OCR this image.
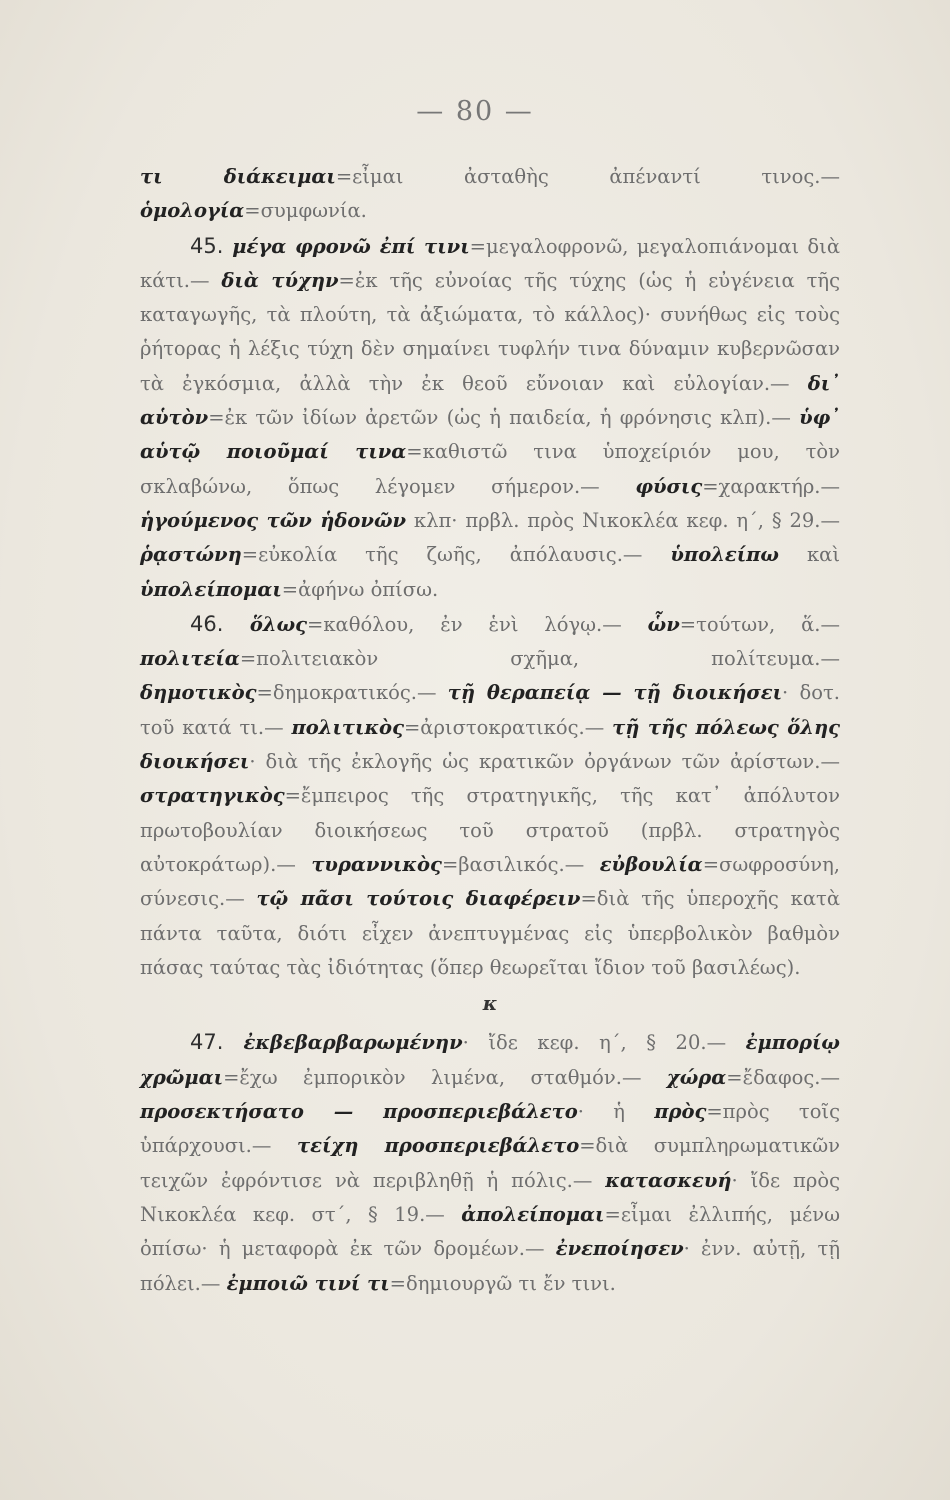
— 80 —

τι διάκειμαι=εἶμαι ἀσταθὴς ἀπέναντί τινος.— ὁμολογία=συμφωνία.

45. μέγα φρονῶ ἐπί τινι=μεγαλοφρονῶ, μεγαλοπιάνομαι διὰ κάτι.— διὰ τύχην=ἐκ τῆς εὐνοίας τῆς τύχης (ὡς ἡ εὐγένεια τῆς καταγωγῆς, τὰ πλούτη, τὰ ἀξιώματα, τὸ κάλλος)· συνήθως εἰς τοὺς ῥήτορας ἡ λέξις τύχη δὲν σημαίνει τυφλήν τινα δύναμιν κυβερνῶσαν τὰ ἐγκόσμια, ἀλλὰ τὴν ἐκ θεοῦ εὔνοιαν καὶ εὐλογίαν.— δι᾽ αὑτὸν=ἐκ τῶν ἰδίων ἀρετῶν (ὡς ἡ παιδεία, ἡ φρόνησις κλπ).— ὑφ᾽ αὑτῷ ποιοῦμαί τινα=καθιστῶ τινα ὑποχείριόν μου, τὸν σκλαβώνω, ὅπως λέγομεν σήμερον.— φύσις=χαρακτήρ.— ἡγούμενος τῶν ἡδονῶν κλπ· πρβλ. πρὸς Νικοκλέα κεφ. η΄, § 29.— ῥᾳστώνη=εὐκολία τῆς ζωῆς, ἀπόλαυσις.— ὑπολείπω καὶ ὑπολείπομαι=ἀφήνω ὀπίσω.

46. ὅλως=καθόλου, ἐν ἑνὶ λόγῳ.— ὧν=τούτων, ἅ.— πολιτεία=πολιτειακὸν σχῆμα, πολίτευμα.— δημοτικὸς=δημοκρατικός.— τῇ θεραπείᾳ — τῇ διοικήσει· δοτ. τοῦ κατά τι.— πολιτικὸς=ἀριστοκρατικός.— τῇ τῆς πόλεως ὅλης διοικήσει· διὰ τῆς ἐκλογῆς ὡς κρατικῶν ὀργάνων τῶν ἀρίστων.— στρατηγικὸς=ἔμπειρος τῆς στρατηγικῆς, τῆς κατ᾽ ἀπόλυτον πρωτοβουλίαν διοικήσεως τοῦ στρατοῦ (πρβλ. στρατηγὸς αὐτοκράτωρ).— τυραννικὸς=βασιλικός.— εὐβουλία=σωφροσύνη, σύνεσις.— τῷ πᾶσι τούτοις διαφέρειν=διὰ τῆς ὑπεροχῆς κατὰ πάντα ταῦτα, διότι εἶχεν ἀνεπτυγμένας εἰς ὑπερβολικὸν βαθμὸν πάσας ταύτας τὰς ἰδιότητας (ὅπερ θεωρεῖται ἴδιον τοῦ βασιλέως).

κ

47. ἐκβεβαρβαρωμένην· ἴδε κεφ. η΄, § 20.— ἐμπορίῳ χρῶμαι=ἔχω ἐμπορικὸν λιμένα, σταθμόν.— χώρα=ἔδαφος.— προσεκτήσατο — προσπεριεβάλετο· ἡ πρὸς=πρὸς τοῖς ὑπάρχουσι.— τείχη προσπεριεβάλετο=διὰ συμπληρωματικῶν τειχῶν ἐφρόντισε νὰ περιβληθῇ ἡ πόλις.— κατασκευή· ἴδε πρὸς Νικοκλέα κεφ. στ΄, § 19.— ἀπολείπομαι=εἶμαι ἐλλιπής, μένω ὀπίσω· ἡ μεταφορὰ ἐκ τῶν δρομέων.— ἐνεποίησεν· ἐνν. αὐτῇ, τῇ πόλει.— ἐμποιῶ τινί τι=δημιουργῶ τι ἔν τινι.
